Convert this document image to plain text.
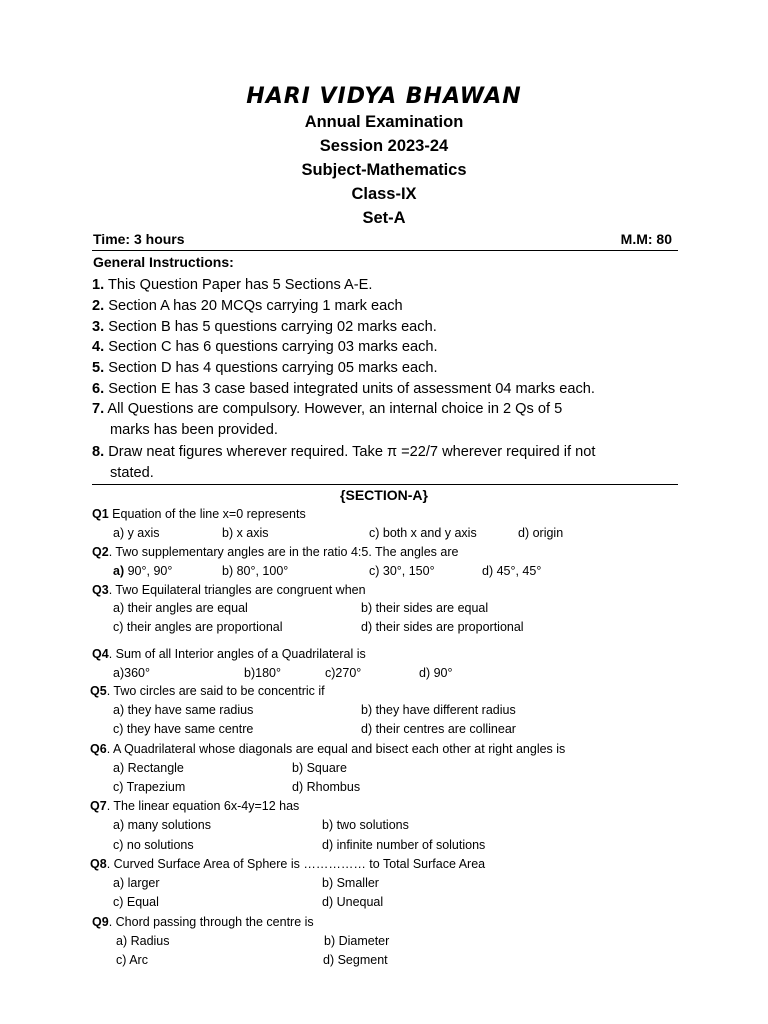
HARI VIDYA BHAWAN
Annual Examination
Session 2023-24
Subject-Mathematics
Class-IX
Set-A
Time: 3 hours	M.M: 80
General Instructions:
1. This Question Paper has 5 Sections A-E.
2. Section A has 20 MCQs carrying 1 mark each
3. Section B has 5 questions carrying 02 marks each.
4. Section C has 6 questions carrying 03 marks each.
5. Section D has 4 questions carrying 05 marks each.
6. Section E has 3 case based integrated units of assessment 04 marks each.
7. All Questions are compulsory. However, an internal choice in 2 Qs of 5
marks has been provided.
8. Draw neat figures wherever required. Take π =22/7 wherever required if not
stated.
{SECTION-A}
Q1 Equation of the line x=0 represents
a) y axis	b) x axis	c) both x and y axis	d) origin
Q2. Two supplementary angles are in the ratio 4:5. The angles are
a) 90°, 90°	b) 80°, 100°	c) 30°, 150°	d) 45°, 45°
Q3. Two Equilateral triangles are congruent when
a) their angles are equal	b) their sides are equal
c) their angles are proportional	d) their sides are proportional
Q4. Sum of all Interior angles of a Quadrilateral is
a)360°	b)180°	c)270°	d) 90°
Q5. Two circles are said to be concentric if
a) they have same radius	b) they have different radius
c) they have same centre	d) their centres are collinear
Q6. A Quadrilateral whose diagonals are equal and bisect each other at right angles is
a) Rectangle	b) Square
c) Trapezium	d) Rhombus
Q7. The linear equation 6x-4y=12 has
a) many solutions	b) two solutions
c) no solutions	d) infinite number of solutions
Q8. Curved Surface Area of Sphere is …………… to Total Surface Area
a) larger	b) Smaller
c) Equal	d) Unequal
Q9. Chord passing through the centre is
a) Radius	b) Diameter
c) Arc	d) Segment
